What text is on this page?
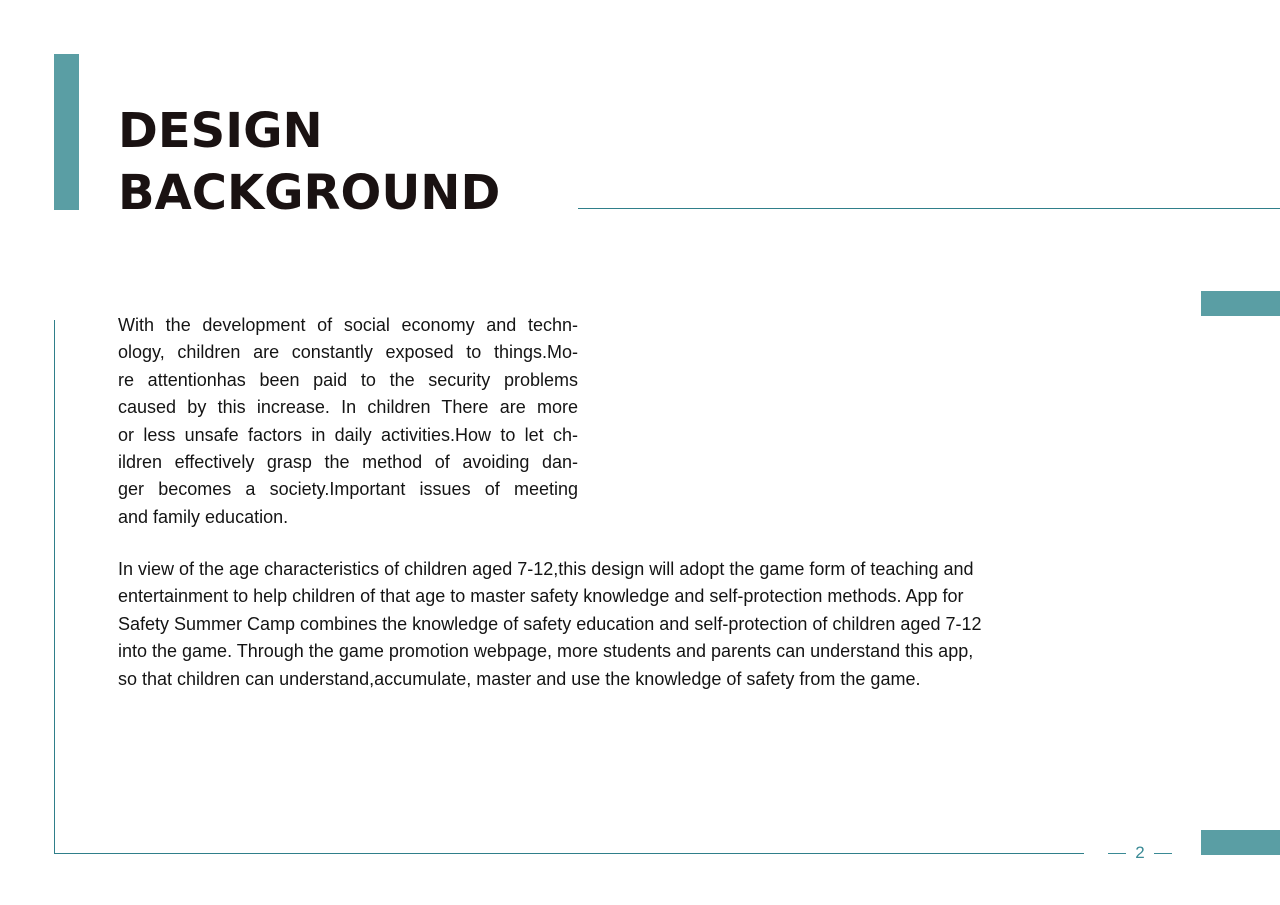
DESIGN
BACKGROUND
With the development of social economy and techn-
ology, children are constantly exposed to things.Mo-
re attentionhas been paid to the security problems
caused by this increase. In children There are more
or less unsafe factors in daily activities.How to let ch-
ildren effectively grasp the method of avoiding dan-
ger becomes a society.Important issues of meeting
and family education.
In view of the age characteristics of children aged 7-12,this design will adopt the game form of teaching and
entertainment to help children of that age to master safety knowledge and self-protection methods. App for
Safety Summer Camp combines the knowledge of safety education and self-protection of children aged 7-12
into the game. Through the game promotion webpage, more students and parents can understand this app,
so that children can understand,accumulate, master and use the knowledge of safety from the game.
2
